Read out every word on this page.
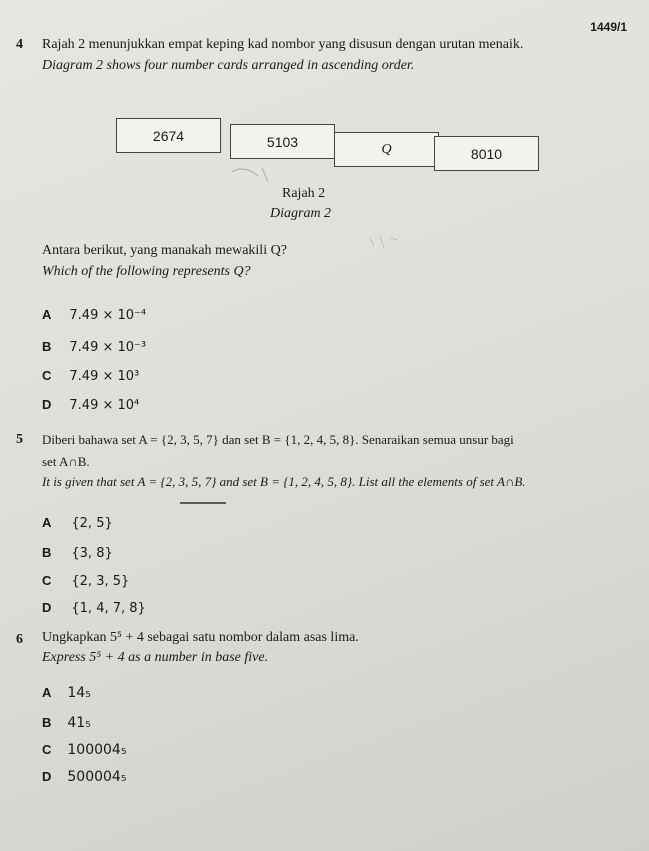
1449/1
4 Rajah 2 menunjukkan empat keping kad nombor yang disusun dengan urutan menaik.
Diagram 2 shows four number cards arranged in ascending order.
2674	5103	Q	8010
Rajah 2
Diagram 2
Antara berikut, yang manakah mewakili Q?
Which of the following represents Q?
A 7.49 × 10⁻⁴
B 7.49 × 10⁻³
C 7.49 × 10³
D 7.49 × 10⁴
5 Diberi bahawa set A = {2, 3, 5, 7} dan set B = {1, 2, 4, 5, 8}. Senaraikan semua unsur bagi
set A∩B.
It is given that set A = {2, 3, 5, 7} and set B = {1, 2, 4, 5, 8}. List all the elements of set A∩B.
A {2, 5}
B {3, 8}
C {2, 3, 5}
D {1, 4, 7, 8}
6 Ungkapkan 5⁵ + 4 sebagai satu nombor dalam asas lima.
Express 5⁵ + 4 as a number in base five.
A 14₅
B 41₅
C 100004₅
D 500004₅
